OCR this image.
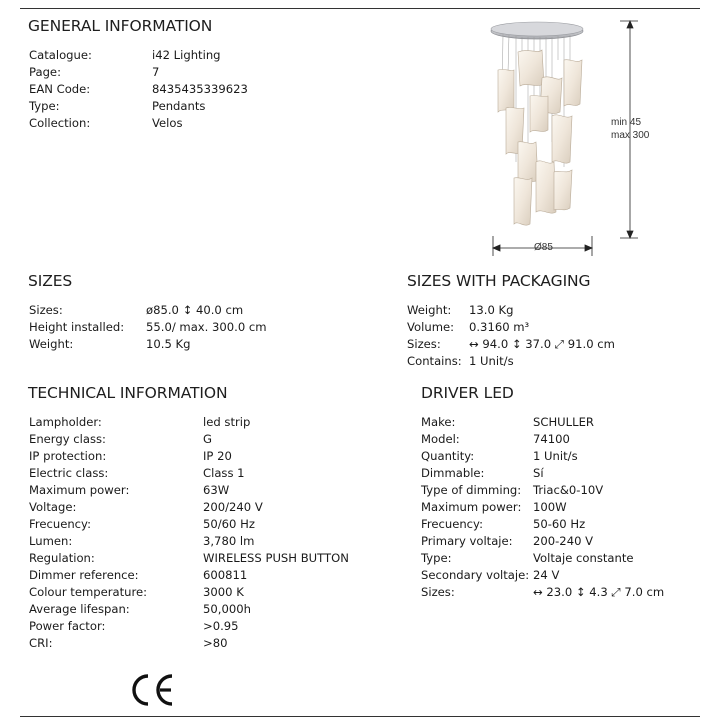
GENERAL INFORMATION
Catalogue:	i42 Lighting
Page:	7
EAN Code:	8435435339623
Type:	Pendants
Collection:	Velos	min 45
max 300
Ø85
SIZES
Sizes:	ø85.0 ↕ 40.0 cm
Height installed:	55.0/ max. 300.0 cm
Weight:	10.5 Kg
SIZES WITH PACKAGING
Weight:	13.0 Kg
Volume:	0.3160 m³
Sizes:	↔ 94.0 ↕ 37.0 ⤢ 91.0 cm
Contains: 1 Unit/s
TECHNICAL INFORMATION
Lampholder:	led strip
Energy class:	G
IP protection:	IP 20
Electric class:	Class 1
Maximum power:	63W
Voltage:	200/240 V
Frecuency:	50/60 Hz
Lumen:	3,780 lm
Regulation:	WIRELESS PUSH BUTTON
Dimmer reference:	600811
Colour temperature:	3000 K
Average lifespan:	50,000h
Power factor:	>0.95
CRI:	>80
DRIVER LED
Make:	SCHULLER
Model:	74100
Quantity:	1 Unit/s
Dimmable:	Sí
Type of dimming:	Triac&0-10V
Maximum power:	100W
Frecuency:	50-60 Hz
Primary voltaje:	200-240 V
Type:	Voltaje constante
Secondary voltaje: 24 V
Sizes:	↔ 23.0 ↕ 4.3 ⤢ 7.0 cm
